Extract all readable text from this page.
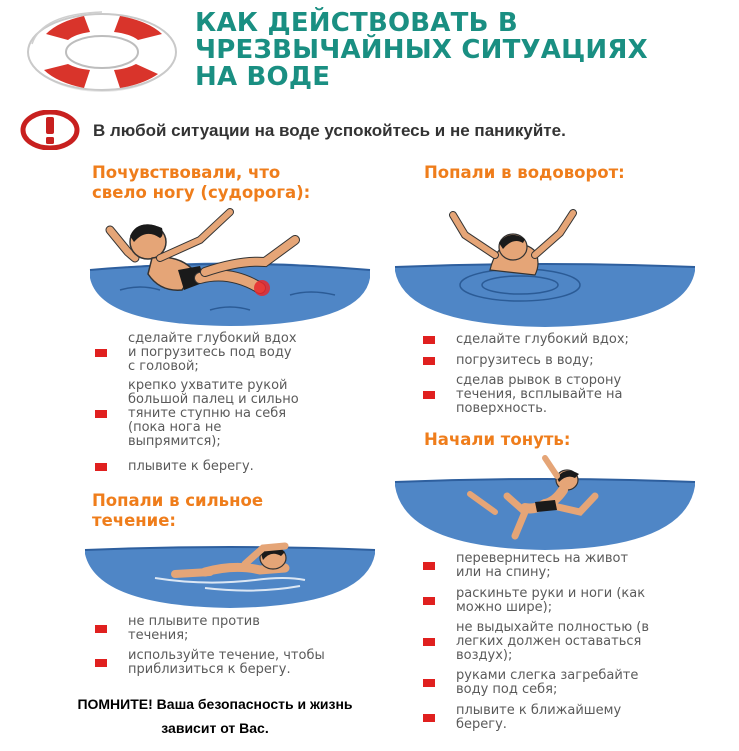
КАК ДЕЙСТВОВАТЬ В
ЧРЕЗВЫЧАЙНЫХ СИТУАЦИЯХ
НА ВОДЕ
В любой ситуации на воде успокойтесь и не паникуйте.
Почувствовали, что
свело ногу (судорога):
сделайте глубокий вдох
и погрузитесь под воду
с головой;
крепко ухватите рукой
большой палец и сильно
тяните ступню на себя
(пока нога не
выпрямится);
плывите к берегу.
Попали в сильное
течение:
не плывите против
течения;
используйте течение, чтобы
приблизиться к берегу.
Попали в водоворот:
сделайте глубокий вдох;
погрузитесь в воду;
сделав рывок в сторону
течения, всплывайте на
поверхность.
Начали тонуть:
перевернитесь на живот
или на спину;
раскиньте руки и ноги (как
можно шире);
не выдыхайте полностью (в
легких должен оставаться
воздух);
руками слегка загребайте
воду под себя;
плывите к ближайшему
берегу.
ПОМНИТЕ! Ваша безопасность и жизнь
зависит от Вас.
